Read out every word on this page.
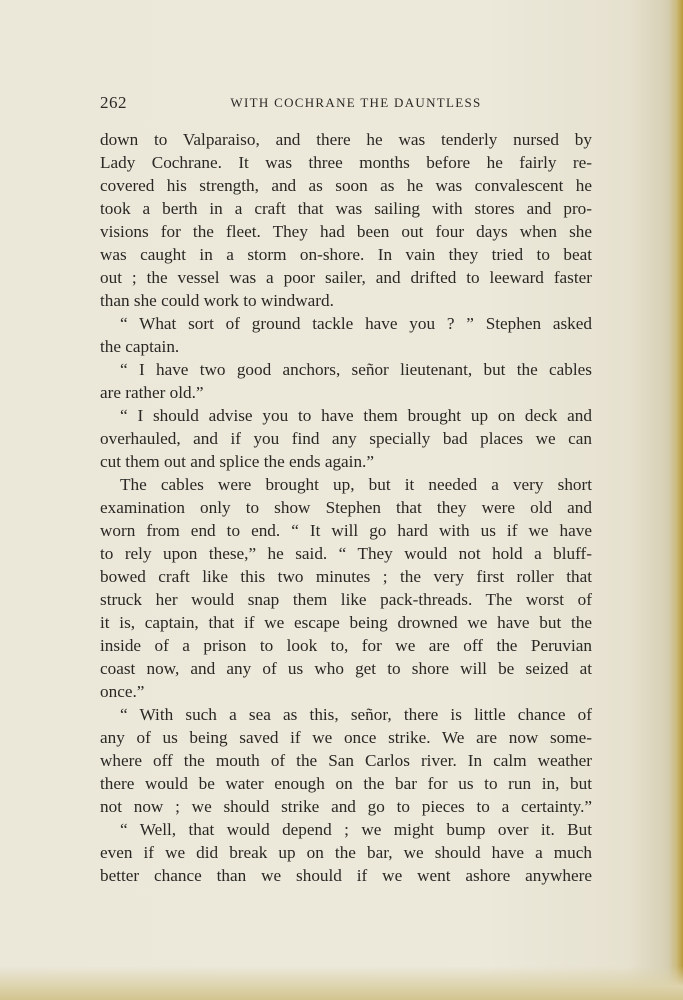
262	WITH COCHRANE THE DAUNTLESS
down to Valparaiso, and there he was tenderly nursed by
Lady Cochrane. It was three months before he fairly re-
covered his strength, and as soon as he was convalescent he
took a berth in a craft that was sailing with stores and pro-
visions for the fleet. They had been out four days when she
was caught in a storm on-shore. In vain they tried to beat
out ; the vessel was a poor sailer, and drifted to leeward faster
than she could work to windward.
“ What sort of ground tackle have you ? ” Stephen asked
the captain.
“ I have two good anchors, señor lieutenant, but the cables
are rather old.”
“ I should advise you to have them brought up on deck and
overhauled, and if you find any specially bad places we can
cut them out and splice the ends again.”
The cables were brought up, but it needed a very short
examination only to show Stephen that they were old and
worn from end to end. “ It will go hard with us if we have
to rely upon these,” he said. “ They would not hold a bluff-
bowed craft like this two minutes ; the very first roller that
struck her would snap them like pack-threads. The worst of
it is, captain, that if we escape being drowned we have but the
inside of a prison to look to, for we are off the Peruvian
coast now, and any of us who get to shore will be seized at
once.”
“ With such a sea as this, señor, there is little chance of
any of us being saved if we once strike. We are now some-
where off the mouth of the San Carlos river. In calm weather
there would be water enough on the bar for us to run in, but
not now ; we should strike and go to pieces to a certainty.”
“ Well, that would depend ; we might bump over it. But
even if we did break up on the bar, we should have a much
better chance than we should if we went ashore anywhere
